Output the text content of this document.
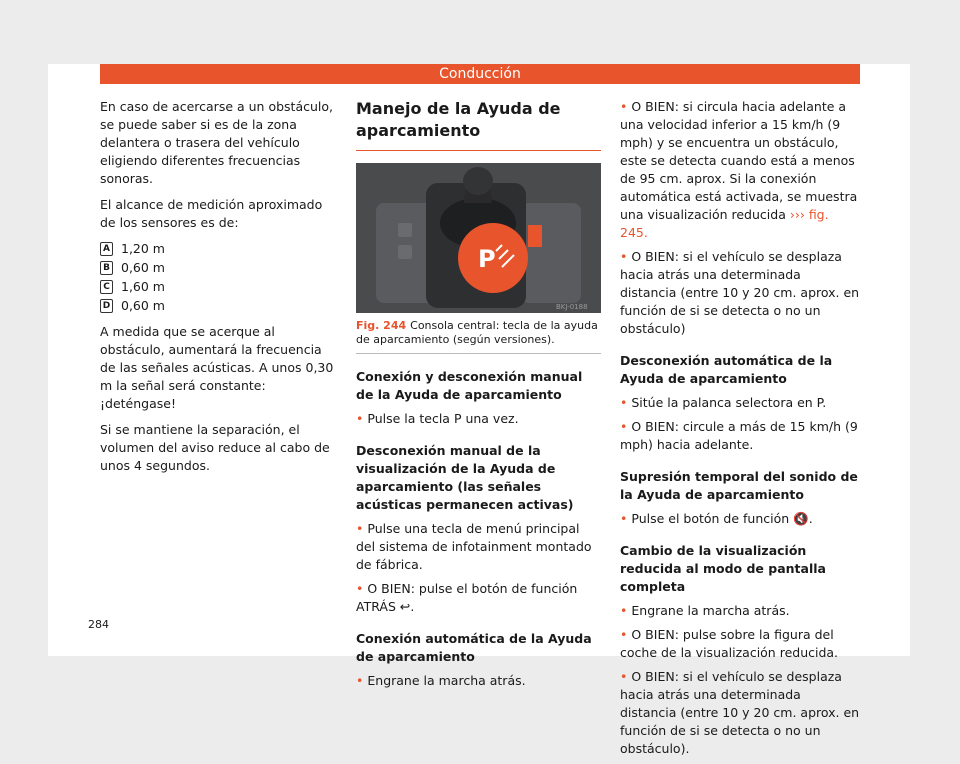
Conducción

En caso de acercarse a un obstáculo, se puede saber si es de la zona delantera o trasera del vehículo eligiendo diferentes frecuencias sonoras.

El alcance de medición aproximado de los sensores es de:

A 1,20 m
B 0,60 m
C 1,60 m
D 0,60 m

A medida que se acerque al obstáculo, aumentará la frecuencia de las señales acústicas. A unos 0,30 m la señal será constante: ¡deténgase!

Si se mantiene la separación, el volumen del aviso reduce al cabo de unos 4 segundos.

Manejo de la Ayuda de aparcamiento
P
BKJ-0188
Fig. 244 Consola central: tecla de la ayuda de aparcamiento (según versiones).
Conexión y desconexión manual de la Ayuda de aparcamiento
• Pulse la tecla P una vez.
Desconexión manual de la visualización de la Ayuda de aparcamiento (las señales acústicas permanecen activas)
• Pulse una tecla de menú principal del sistema de infotainment montado de fábrica.
• O BIEN: pulse el botón de función ATRÁS ↩.
Conexión automática de la Ayuda de aparcamiento
• Engrane la marcha atrás.
• O BIEN: si circula hacia adelante a una velocidad inferior a 15 km/h (9 mph) y se encuentra un obstáculo, este se detecta cuando está a menos de 95 cm. aprox. Si la conexión automática está activada, se muestra una visualización reducida ››› fig. 245.
• O BIEN: si el vehículo se desplaza hacia atrás una determinada distancia (entre 10 y 20 cm. aprox. en función de si se detecta o no un obstáculo)
Desconexión automática de la Ayuda de aparcamiento
• Sitúe la palanca selectora en P.
• O BIEN: circule a más de 15 km/h (9 mph) hacia adelante.
Supresión temporal del sonido de la Ayuda de aparcamiento
• Pulse el botón de función 🔇.
Cambio de la visualización reducida al modo de pantalla completa
• Engrane la marcha atrás.
• O BIEN: pulse sobre la figura del coche de la visualización reducida.
• O BIEN: si el vehículo se desplaza hacia atrás una determinada distancia (entre 10 y 20 cm. aprox. en función de si se detecta o no un obstáculo).
284
